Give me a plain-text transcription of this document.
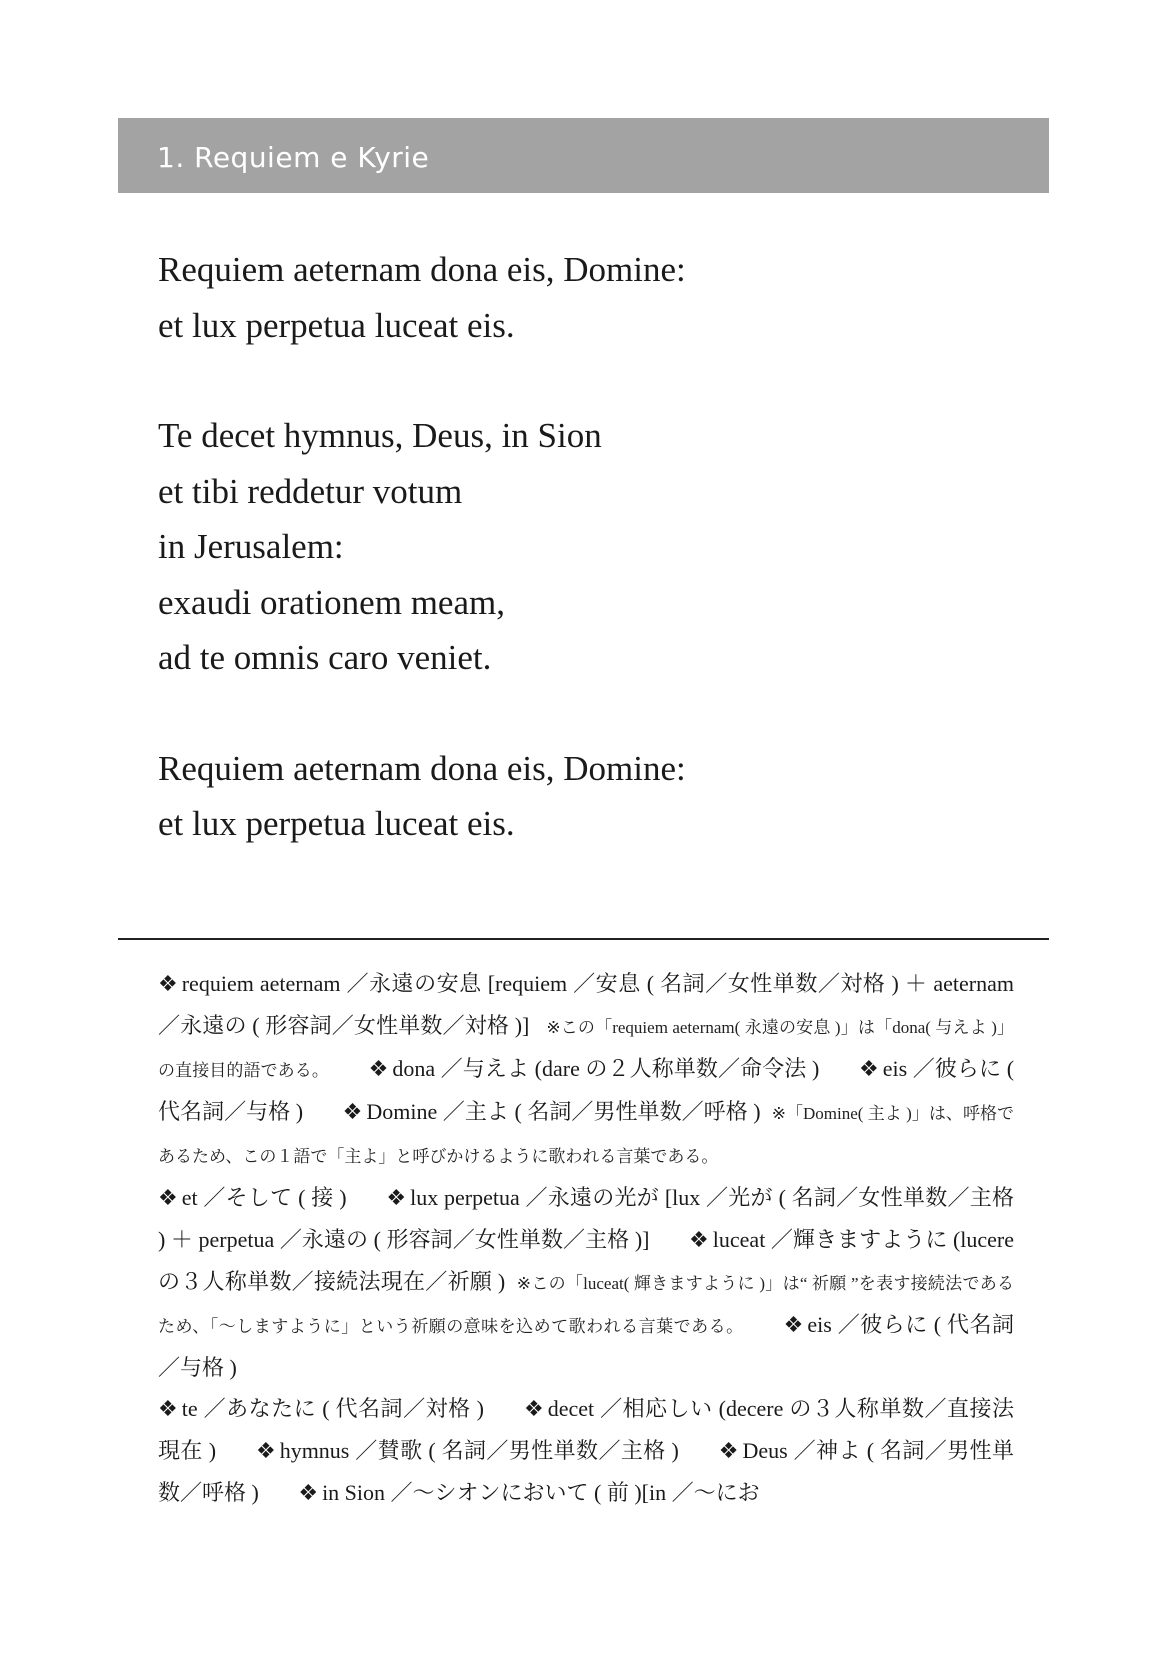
1. Requiem e Kyrie
Requiem aeternam dona eis, Domine:
et lux perpetua luceat eis.
Te decet hymnus, Deus, in Sion
et tibi reddetur votum
in Jerusalem:
exaudi orationem meam,
ad te omnis caro veniet.
Requiem aeternam dona eis, Domine:
et lux perpetua luceat eis.

❖ requiem aeternam ／永遠の安息 [requiem ／安息 ( 名詞／女性単数／対格 ) ＋ aeternam ／永遠の ( 形容詞／女性単数／対格 )] ※この「requiem aeternam( 永遠の安息 )」は「dona( 与えよ )」の直接目的語である。 ❖ dona ／与えよ (dare の２人称単数／命令法 ) ❖ eis ／彼らに ( 代名詞／与格 ) ❖ Domine ／主よ ( 名詞／男性単数／呼格 ) ※「Domine( 主よ )」は、呼格であるため、この１語で「主よ」と呼びかけるように歌われる言葉である。

❖ et ／そして ( 接 ) ❖ lux perpetua ／永遠の光が [lux ／光が ( 名詞／女性単数／主格 ) ＋ perpetua ／永遠の ( 形容詞／女性単数／主格 )] ❖ luceat ／輝きますように (lucere の３人称単数／接続法現在／祈願 ) ※この「luceat( 輝きますように )」は“ 祈願 ”を表す接続法であるため、「～しますように」という祈願の意味を込めて歌われる言葉である。 ❖ eis ／彼らに ( 代名詞／与格 )

❖ te ／あなたに ( 代名詞／対格 ) ❖ decet ／相応しい (decere の３人称単数／直接法現在 ) ❖ hymnus ／賛歌 ( 名詞／男性単数／主格 ) ❖ Deus ／神よ ( 名詞／男性単数／呼格 ) ❖ in Sion ／～シオンにおいて ( 前 )[in ／～にお
